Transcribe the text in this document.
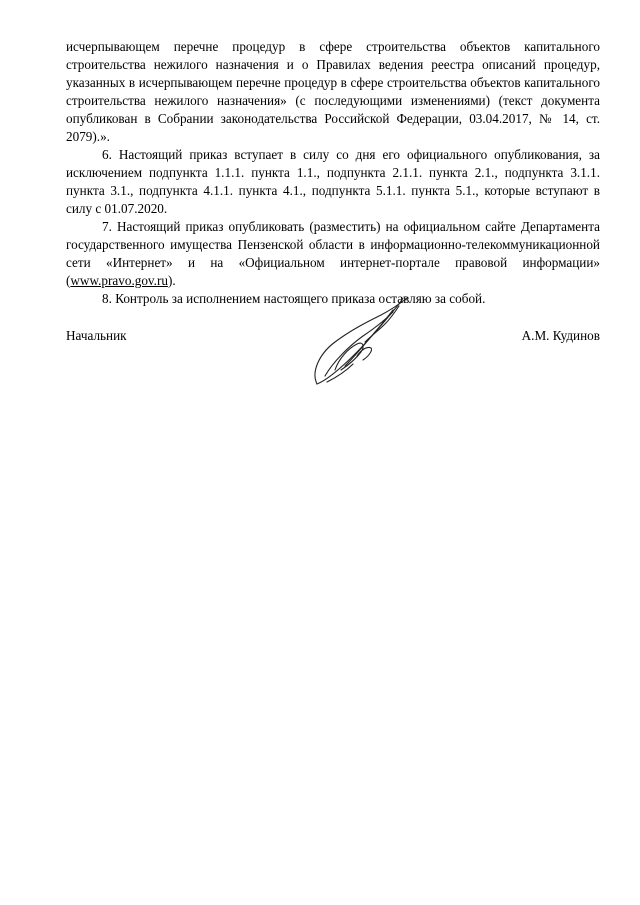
исчерпывающем перечне процедур в сфере строительства объектов капитального строительства нежилого назначения и о Правилах ведения реестра описаний процедур, указанных в исчерпывающем перечне процедур в сфере строительства объектов капитального строительства нежилого назначения» (с последующими изменениями) (текст документа опубликован в Собрании законодательства Российской Федерации, 03.04.2017, № 14, ст. 2079).».

6. Настоящий приказ вступает в силу со дня его официального опубликования, за исключением подпункта 1.1.1. пункта 1.1., подпункта 2.1.1. пункта 2.1., подпункта 3.1.1. пункта 3.1., подпункта 4.1.1. пункта 4.1., подпункта 5.1.1. пункта 5.1., которые вступают в силу с 01.07.2020.

7. Настоящий приказ опубликовать (разместить) на официальном сайте Департамента государственного имущества Пензенской области в информационно-телекоммуникационной сети «Интернет» и на «Официальном интернет-портале правовой информации» (www.pravo.gov.ru).

8. Контроль за исполнением настоящего приказа оставляю за собой.

Начальник	А.М. Кудинов
